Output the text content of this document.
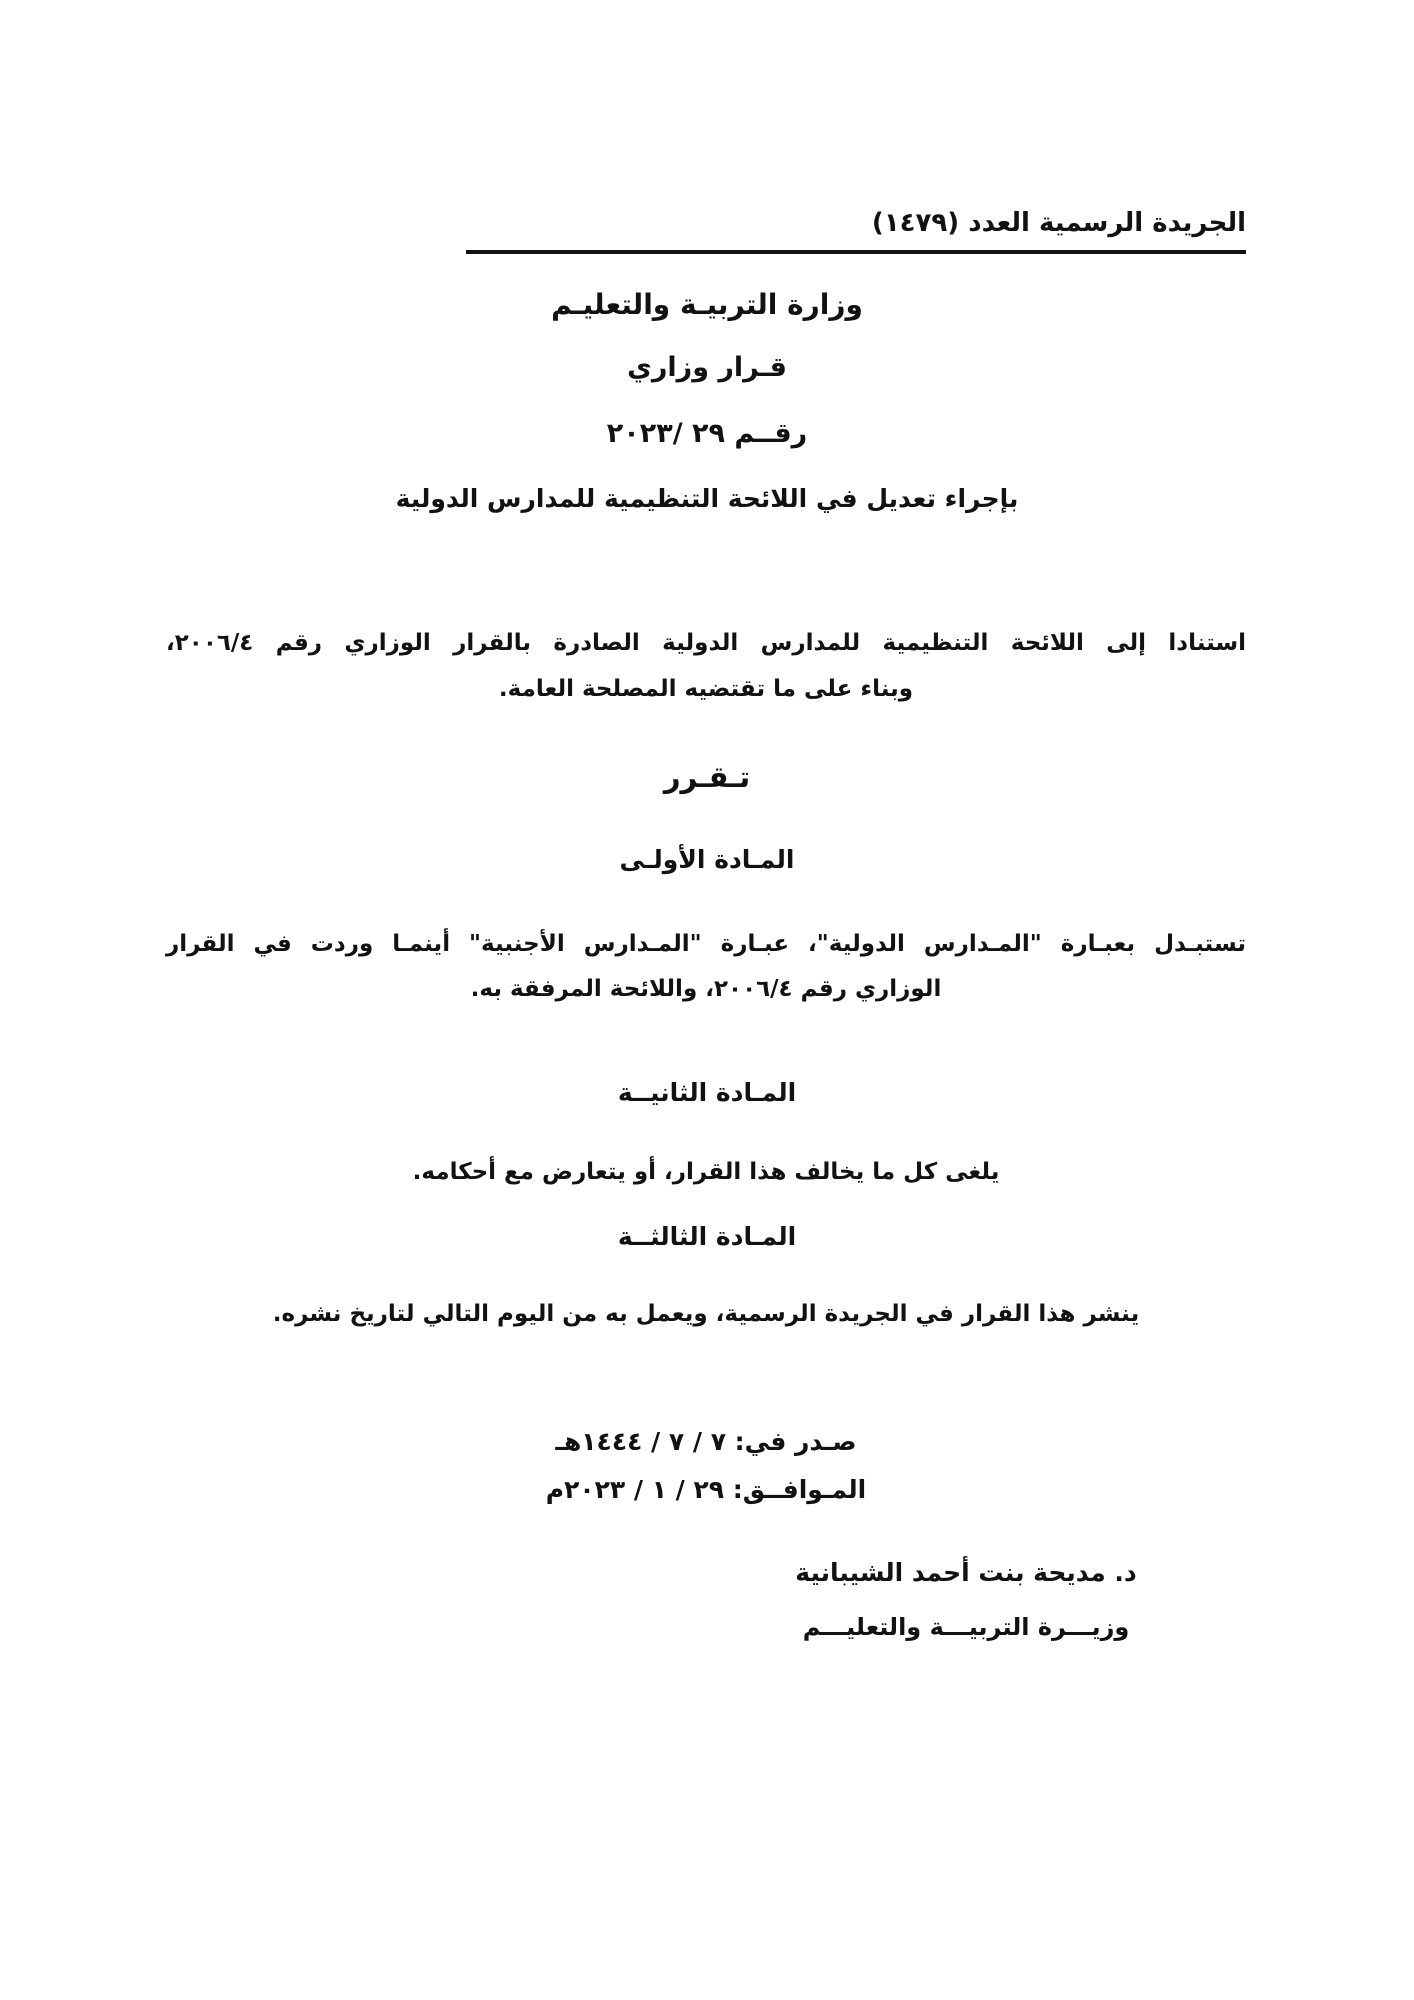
الجريدة الرسمية العدد (١٤٧٩)
وزارة التربيـة والتعليـم
قـرار وزاري
رقــم ٢٩ /٢٠٢٣
بإجراء تعديل في اللائحة التنظيمية للمدارس الدولية
استنادا إلى اللائحة التنظيمية للمدارس الدولية الصادرة بالقرار الوزاري رقم ٢٠٠٦/٤،
وبناء على ما تقتضيه المصلحة العامة.
تـقـرر
المـادة الأولـى
تستبـدل بعبـارة "المـدارس الدولية"، عبـارة "المـدارس الأجنبية" أينمـا وردت في القرار
الوزاري رقم ٢٠٠٦/٤، واللائحة المرفقة به.
المـادة الثانيــة
يلغى كل ما يخالف هذا القرار، أو يتعارض مع أحكامه.
المـادة الثالثــة
ينشر هذا القرار في الجريدة الرسمية، ويعمل به من اليوم التالي لتاريخ نشره.
صـدر في: ٧ / ٧ / ١٤٤٤هـ
المـوافــق: ٢٩ / ١ / ٢٠٢٣م
د. مديحة بنت أحمد الشيبانية
وزيـــرة التربيـــة والتعليـــم
